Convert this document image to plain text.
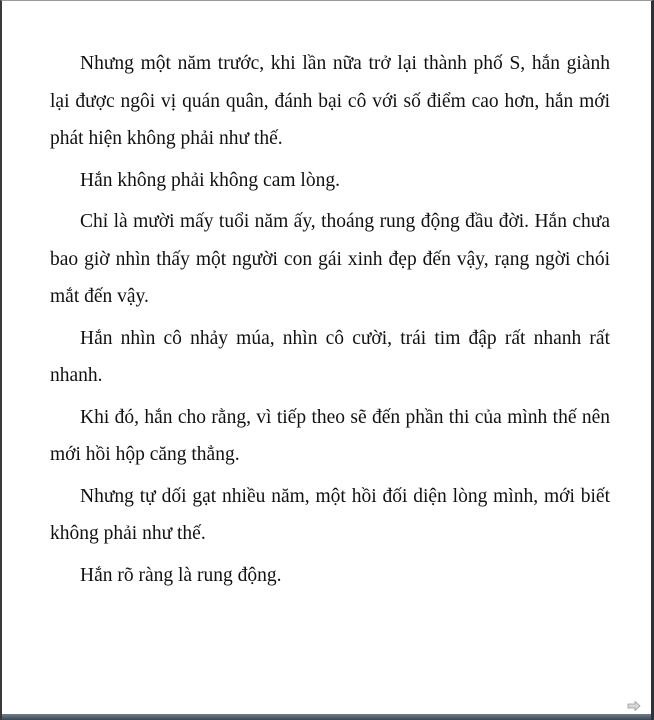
Nhưng một năm trước, khi lần nữa trở lại thành phố S, hắn giành lại được ngôi vị quán quân, đánh bại cô với số điểm cao hơn, hắn mới phát hiện không phải như thế.

Hắn không phải không cam lòng.

Chỉ là mười mấy tuổi năm ấy, thoáng rung động đầu đời. Hắn chưa bao giờ nhìn thấy một người con gái xinh đẹp đến vậy, rạng ngời chói mắt đến vậy.

Hắn nhìn cô nhảy múa, nhìn cô cười, trái tim đập rất nhanh rất nhanh.

Khi đó, hắn cho rằng, vì tiếp theo sẽ đến phần thi của mình thế nên mới hồi hộp căng thẳng.

Nhưng tự dối gạt nhiều năm, một hồi đối diện lòng mình, mới biết không phải như thế.

Hắn rõ ràng là rung động.
